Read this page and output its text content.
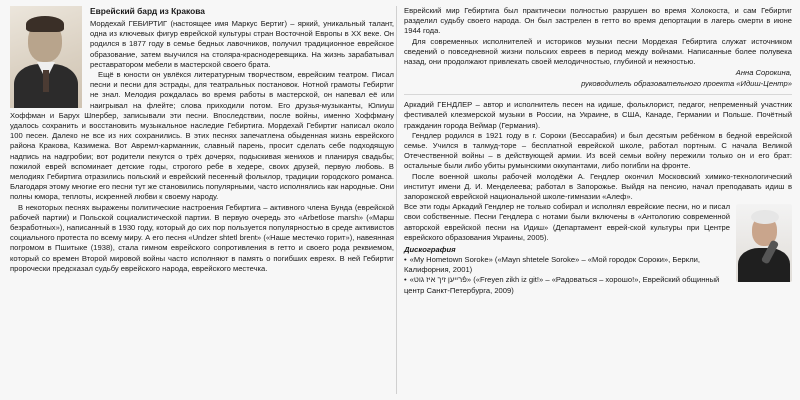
Еврейский бард из Кракова

Мордехай ГЕБИРТИГ (настоящее имя Маркус Бертиг) – яркий, уникальный талант, одна из ключевых фигур еврейской культуры стран Восточной Европы в XX веке. Он родился в 1877 году в семье бедных лавочников, получил традиционное еврейское образование, затем выучился на столяра-краснодеревщика. На жизнь зарабатывал реставратором мебели в мастерской своего брата.

Ещё в юности он увлёкся литературным творчеством, еврейским театром. Писал песни и песни для эстрады, для театральных постановок. Нотной грамоты Гебиртиг не знал. Мелодия рождалась во время работы в мастерской, он напевал её или наигрывал на флейте; слова приходили потом. Его друзья-музыканты, Юлиуш Хоффман и Барух Шпербер, записывали эти песни. Впоследствии, после войны, именно Хоффману удалось сохранить и восстановить музыкальное наследие Гебиртига. Мордехай Гебиртиг написал около 100 песен. Далеко не все из них сохранились. В этих песнях запечатлена обыденная жизнь еврейского района Кракова, Казимежа. Вот Авремл-карманник, славный парень, просит сделать себе подходящую надпись на надгробии; вот родители пекутся о трёх дочерях, подыскивая женихов и планируя свадьбы; пожилой еврей вспоминает детские годы, строгого ребе в хедере, своих друзей, первую любовь. В мелодиях Гебиртига отразились польский и еврейский песенный фольклор, традиции городского романса. Благодаря этому многие его песни тут же становились популярными, часто исполнялись как народные. Они полны юмора, теплоты, искренней любви к своему народу.

В некоторых песнях выражены политические настроения Гебиртига – активного члена Бунда (еврейской рабочей партии) и Польской социалистической партии. В первую очередь это «Arbetlose marsh» («Марш безработных»), написанный в 1930 году, который до сих пор пользуется популярностью в среде активистов социального протеста по всему миру. А его песня «Undzer shtetl brent» («Наше местечко горит»), навеянная погромом в Пшитыке (1938), стала гимном еврейского сопротивления в гетто и своего рода реквиемом, который со времен Второй мировой войны часто исполняют в память о погибших евреях. В ней Гебиртиг пророчески предсказал судьбу еврейского народа, еврейского местечка.

Еврейский мир Гебиртига был практически полностью разрушен во время Холокоста, и сам Гебиртиг разделил судьбу своего народа. Он был застрелен в гетто во время депортации в лагерь смерти в июне 1944 года.

Для современных исполнителей и историков музыки песни Мордехая Гебиртига служат источником сведений о повседневной жизни польских евреев в период между войнами. Написанные более полувека назад, они продолжают привлекать своей мелодичностью, глубиной и нежностью.

Анна Сорокина,
руководитель образовательного проекта «Идиш-Центр»

Аркадий ГЕНДЛЕР – автор и исполнитель песен на идише, фольклорист, педагог, непременный участник фестивалей клезмерской музыки в России, на Украине, в США, Канаде, Германии и Польше. Почётный гражданин города Веймар (Германия).

Гендлер родился в 1921 году в г. Сороки (Бессарабия) и был десятым ребёнком в бедной еврейской семье. Учился в талмуд-торе – бесплатной еврейской школе, работал портным. С начала Великой Отечественной войны – в действующей армии. Из всей семьи войну пережили только он и его брат: остальные были либо убиты румынскими оккупантами, либо погибли на фронте.

После военной школы рабочей молодёжи А. Гендлер окончил Московский химико-технологический институт имени Д. И. Менделеева; работал в Запорожье. Выйдя на пенсию, начал преподавать идиш в запорожской еврейской национальной школе-гимназии «Алеф».

Все эти годы Аркадий Гендлер не только собирал и исполнял еврейские песни, но и писал свои собственные. Песни Гендлера с нотами были включены в «Антологию современной авторской еврейской песни на Идиш» (Департамент еврей-ской культуры при Центре еврейского образования Украины, 2005).

Дискография
• «My Hometown Soroke» («Mayn shtetele Soroke» – «Мой городок Сороки», Беркли, Калифорния, 2001)
• «פֿרײען זיך איז גוט» («Freyen zikh iz git!» – «Радоваться – хорошо!», Еврейский общинный центр Санкт-Петербурга, 2009)
